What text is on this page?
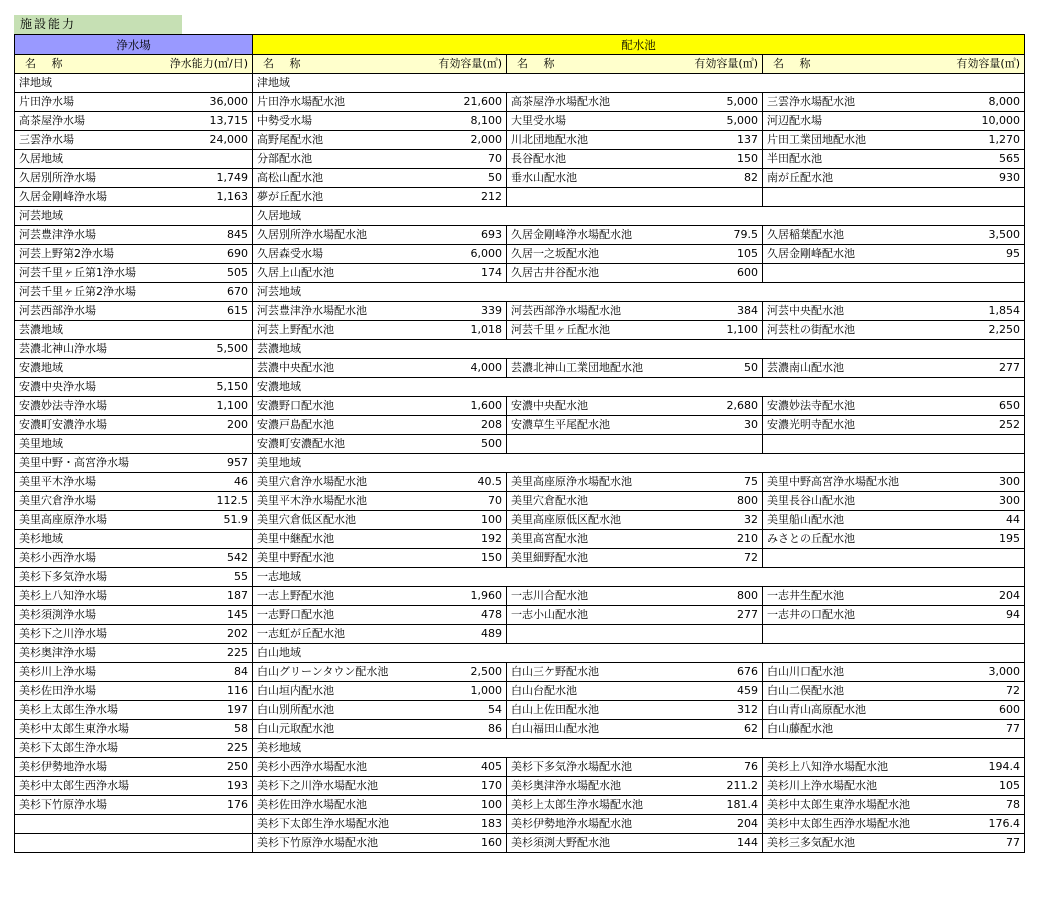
施設能力
浄水場		配水池					

名 称 浄水能力(㎥/日)		名 称 有効容量(㎥)		名 称 有効容量(㎥)		名 称 有効容量(㎥)	

津地域		津地域					
片田浄水場	36,000	片田浄水場配水池	21,600	高茶屋浄水場配水池	5,000	三雲浄水場配水池	8,000
高茶屋浄水場	13,715	中勢受水場	8,100	大里受水場	5,000	河辺配水場	10,000
三雲浄水場	24,000	高野尾配水池	2,000	川北団地配水池	137	片田工業団地配水池	1,270
久居地域		分部配水池	70	長谷配水池	150	半田配水池	565
久居別所浄水場	1,749	高松山配水池	50	垂水山配水池	82	南が丘配水池	930
久居金剛峰浄水場	1,163	夢が丘配水池	212				
河芸地域		久居地域					
河芸豊津浄水場	845	久居別所浄水場配水池	693	久居金剛峰浄水場配水池	79.5	久居稲葉配水池	3,500
河芸上野第2浄水場	690	久居森受水場	6,000	久居一之坂配水池	105	久居金剛峰配水池	95
河芸千里ヶ丘第1浄水場	505	久居上山配水池	174	久居古井谷配水池	600		
河芸千里ヶ丘第2浄水場	670	河芸地域					
河芸西部浄水場	615	河芸豊津浄水場配水池	339	河芸西部浄水場配水池	384	河芸中央配水池	1,854
芸濃地域		河芸上野配水池	1,018	河芸千里ヶ丘配水池	1,100	河芸杜の街配水池	2,250
芸濃北神山浄水場	5,500	芸濃地域					
安濃地域		芸濃中央配水池	4,000	芸濃北神山工業団地配水池	50	芸濃南山配水池	277
安濃中央浄水場	5,150	安濃地域					
安濃妙法寺浄水場	1,100	安濃野口配水池	1,600	安濃中央配水池	2,680	安濃妙法寺配水池	650
安濃町安濃浄水場	200	安濃戸島配水池	208	安濃草生平尾配水池	30	安濃光明寺配水池	252
美里地域		安濃町安濃配水池	500				
美里中野・高宮浄水場	957	美里地域					
美里平木浄水場	46	美里穴倉浄水場配水池	40.5	美里高座原浄水場配水池	75	美里中野高宮浄水場配水池	300
美里穴倉浄水場	112.5	美里平木浄水場配水池	70	美里穴倉配水池	800	美里長谷山配水池	300
美里高座原浄水場	51.9	美里穴倉低区配水池	100	美里高座原低区配水池	32	美里船山配水池	44
美杉地域		美里中継配水池	192	美里高宮配水池	210	みさとの丘配水池	195
美杉小西浄水場	542	美里中野配水池	150	美里細野配水池	72		
美杉下多気浄水場	55	一志地域					
美杉上八知浄水場	187	一志上野配水池	1,960	一志川合配水池	800	一志井生配水池	204
美杉須渕浄水場	145	一志野口配水池	478	一志小山配水池	277	一志井の口配水池	94
美杉下之川浄水場	202	一志虹が丘配水池	489				
美杉奥津浄水場	225	白山地域					
美杉川上浄水場	84	白山グリーンタウン配水池	2,500	白山三ケ野配水池	676	白山川口配水池	3,000
美杉佐田浄水場	116	白山垣内配水池	1,000	白山台配水池	459	白山二俣配水池	72
美杉上太郎生浄水場	197	白山別所配水池	54	白山上佐田配水池	312	白山青山高原配水池	600
美杉中太郎生東浄水場	58	白山元取配水池	86	白山福田山配水池	62	白山藤配水池	77
美杉下太郎生浄水場	225	美杉地域					
美杉伊勢地浄水場	250	美杉小西浄水場配水池	405	美杉下多気浄水場配水池	76	美杉上八知浄水場配水池	194.4
美杉中太郎生西浄水場	193	美杉下之川浄水場配水池	170	美杉奥津浄水場配水池	211.2	美杉川上浄水場配水池	105
美杉下竹原浄水場	176	美杉佐田浄水場配水池	100	美杉上太郎生浄水場配水池	181.4	美杉中太郎生東浄水場配水池	78
		美杉下太郎生浄水場配水池	183	美杉伊勢地浄水場配水池	204	美杉中太郎生西浄水場配水池	176.4
		美杉下竹原浄水場配水池	160	美杉須渕大野配水池	144	美杉三多気配水池	77
